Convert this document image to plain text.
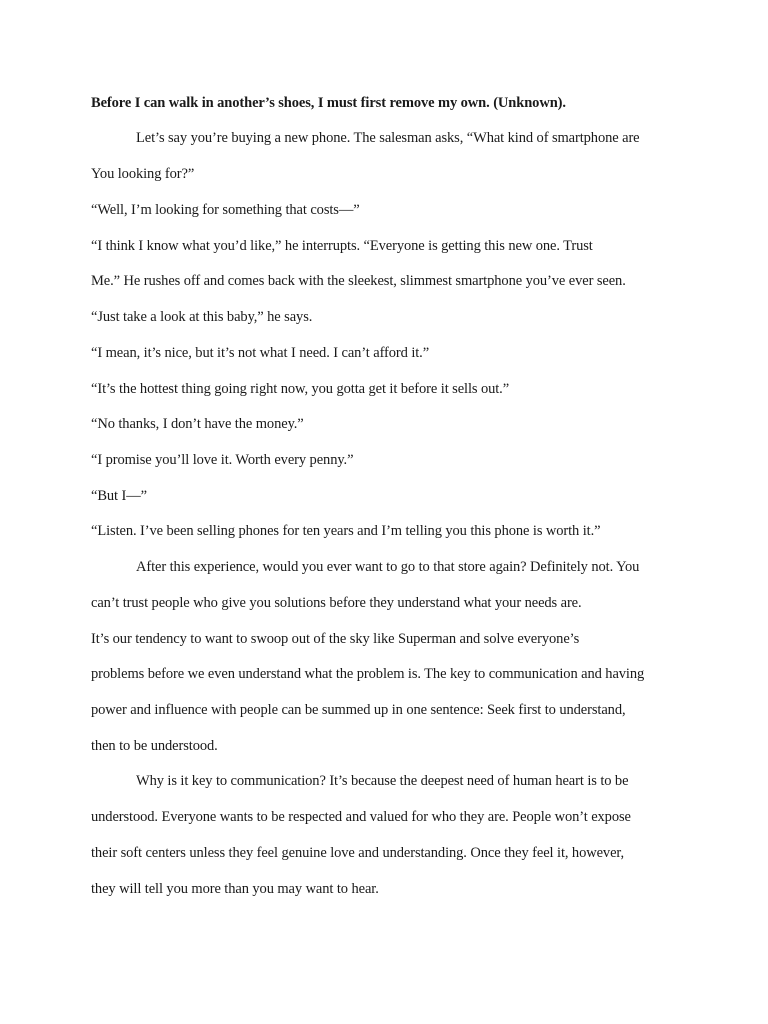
Before I can walk in another’s shoes, I must first remove my own. (Unknown).
Let’s say you’re buying a new phone. The salesman asks, “What kind of smartphone are
You looking for?”
“Well, I’m looking for something that costs—”
“I think I know what you’d like,” he interrupts. “Everyone is getting this new one. Trust
Me.” He rushes off and comes back with the sleekest, slimmest smartphone you’ve ever seen.
“Just take a look at this baby,” he says.
“I mean, it’s nice, but it’s not what I need. I can’t afford it.”
“It’s the hottest thing going right now, you gotta get it before it sells out.”
“No thanks, I don’t have the money.”
“I promise you’ll love it. Worth every penny.”
“But I—”
“Listen. I’ve been selling phones for ten years and I’m telling you this phone is worth it.”
After this experience, would you ever want to go to that store again? Definitely not. You
can’t trust people who give you solutions before they understand what your needs are.
It’s our tendency to want to swoop out of the sky like Superman and solve everyone’s
problems before we even understand what the problem is. The key to communication and having
power and influence with people can be summed up in one sentence: Seek first to understand,
then to be understood.
Why is it key to communication? It’s because the deepest need of human heart is to be
understood. Everyone wants to be respected and valued for who they are. People won’t expose
their soft centers unless they feel genuine love and understanding. Once they feel it, however,
they will tell you more than you may want to hear.
